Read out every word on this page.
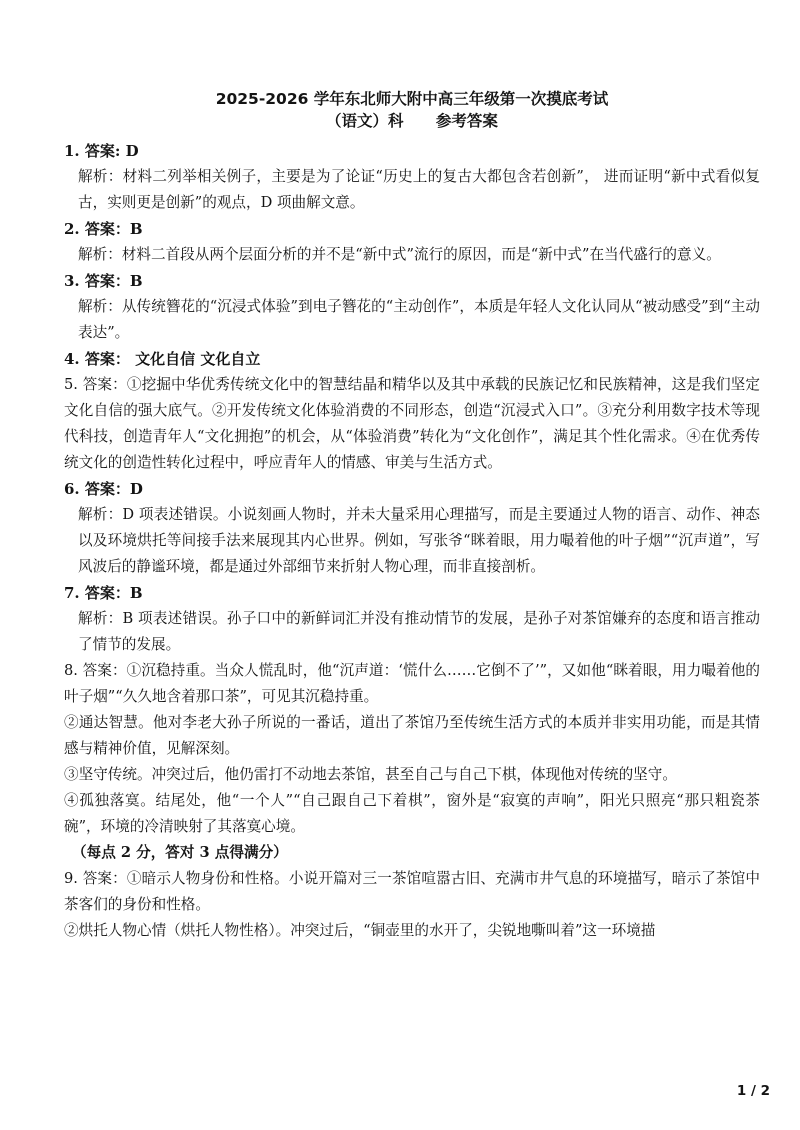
2025-2026 学年东北师大附中高三年级第一次摸底考试

（语文）科      参考答案

1. 答案: D

解析：材料二列举相关例子，主要是为了论证“历史上的复古大都包含若创新”， 进而证明“新中式看似复古，实则更是创新”的观点，D 项曲解文意。

2. 答案：B

解析：材料二首段从两个层面分析的并不是“新中式”流行的原因，而是“新中式”在当代盛行的意义。

3. 答案：B

解析：从传统簪花的“沉浸式体验”到电子簪花的“主动创作”，本质是年轻人文化认同从“被动感受”到“主动表达”。

4. 答案： 文化自信 文化自立

5. 答案：①挖掘中华优秀传统文化中的智慧结晶和精华以及其中承载的民族记忆和民族精神，这是我们坚定文化自信的强大底气。②开发传统文化体验消费的不同形态，创造“沉浸式入口”。③充分利用数字技术等现代科技，创造青年人“文化拥抱”的机会，从“体验消费”转化为“文化创作”，满足其个性化需求。④在优秀传统文化的创造性转化过程中，呼应青年人的情感、审美与生活方式。

6. 答案：D

解析：D 项表述错误。小说刻画人物时，并未大量采用心理描写，而是主要通过人物的语言、动作、神态以及环境烘托等间接手法来展现其内心世界。例如，写张爷“眯着眼，用力嘬着他的叶子烟”“沉声道”，写风波后的静谧环境，都是通过外部细节来折射人物心理，而非直接剖析。

7. 答案：B

解析：B 项表述错误。孙子口中的新鲜词汇并没有推动情节的发展，是孙子对茶馆嫌弃的态度和语言推动了情节的发展。

8. 答案：①沉稳持重。当众人慌乱时，他“沉声道：‘慌什么……它倒不了’”，又如他“眯着眼，用力嘬着他的叶子烟”“久久地含着那口茶”，可见其沉稳持重。

②通达智慧。他对李老大孙子所说的一番话，道出了茶馆乃至传统生活方式的本质并非实用功能，而是其情感与精神价值，见解深刻。

③坚守传统。冲突过后，他仍雷打不动地去茶馆，甚至自己与自己下棋，体现他对传统的坚守。

④孤独落寞。结尾处，他“一个人”“自己跟自己下着棋”，窗外是“寂寞的声响”，阳光只照亮“那只粗瓷茶碗”，环境的冷清映射了其落寞心境。

（每点 2 分，答对 3 点得满分）

9. 答案：①暗示人物身份和性格。小说开篇对三一茶馆喧嚣古旧、充满市井气息的环境描写，暗示了茶馆中茶客们的身份和性格。

②烘托人物心情（烘托人物性格）。冲突过后，“铜壶里的水开了，尖锐地嘶叫着”这一环境描

1 / 2
